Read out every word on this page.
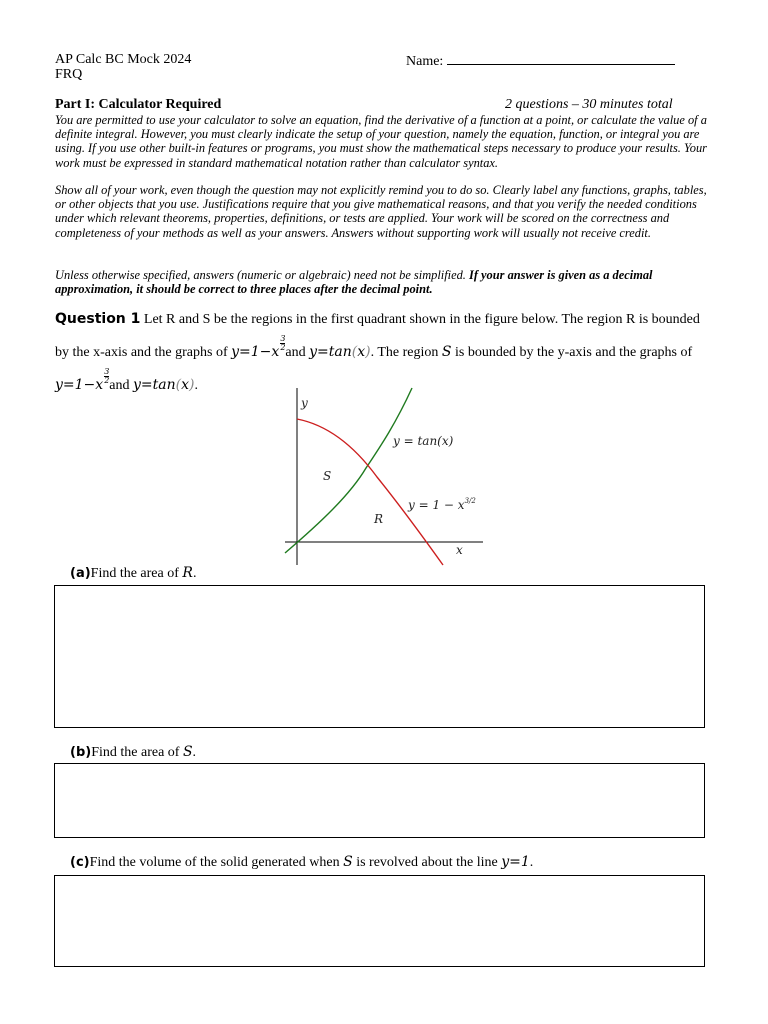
AP Calc BC Mock 2024
FRQ
Name:
Part I: Calculator Required	2 questions – 30 minutes total
You are permitted to use your calculator to solve an equation, find the derivative of a function at a point, or calculate the value of a definite integral. However, you must clearly indicate the setup of your question, namely the equation, function, or integral you are using. If you use other built-in features or programs, you must show the mathematical steps necessary to produce your results. Your work must be expressed in standard mathematical notation rather than calculator syntax.
Show all of your work, even though the question may not explicitly remind you to do so. Clearly label any functions, graphs, tables, or other objects that you use. Justifications require that you give mathematical reasons, and that you verify the needed conditions under which relevant theorems, properties, definitions, or tests are applied. Your work will be scored on the correctness and completeness of your methods as well as your answers. Answers without supporting work will usually not receive credit.
Unless otherwise specified, answers (numeric or algebraic) need not be simplified. If your answer is given as a decimal approximation, it should be correct to three places after the decimal point.
Question 1 Let R and S be the regions in the first quadrant shown in the figure below. The region R is bounded by the x-axis and the graphs of $y=1-x \frac{3}{2}$
and y=tan(x). The region S is bounded by the y-axis and the graphs of $y=1-x \frac{3}{2}$
and y=tan(x).
y
x
y = tan(x)
$y = 1 - x^{3/2}$
S
R
(a)Find the area of R.
(b)Find the area of S.
(c)Find the volume of the solid generated when S is revolved about the line y=1.
